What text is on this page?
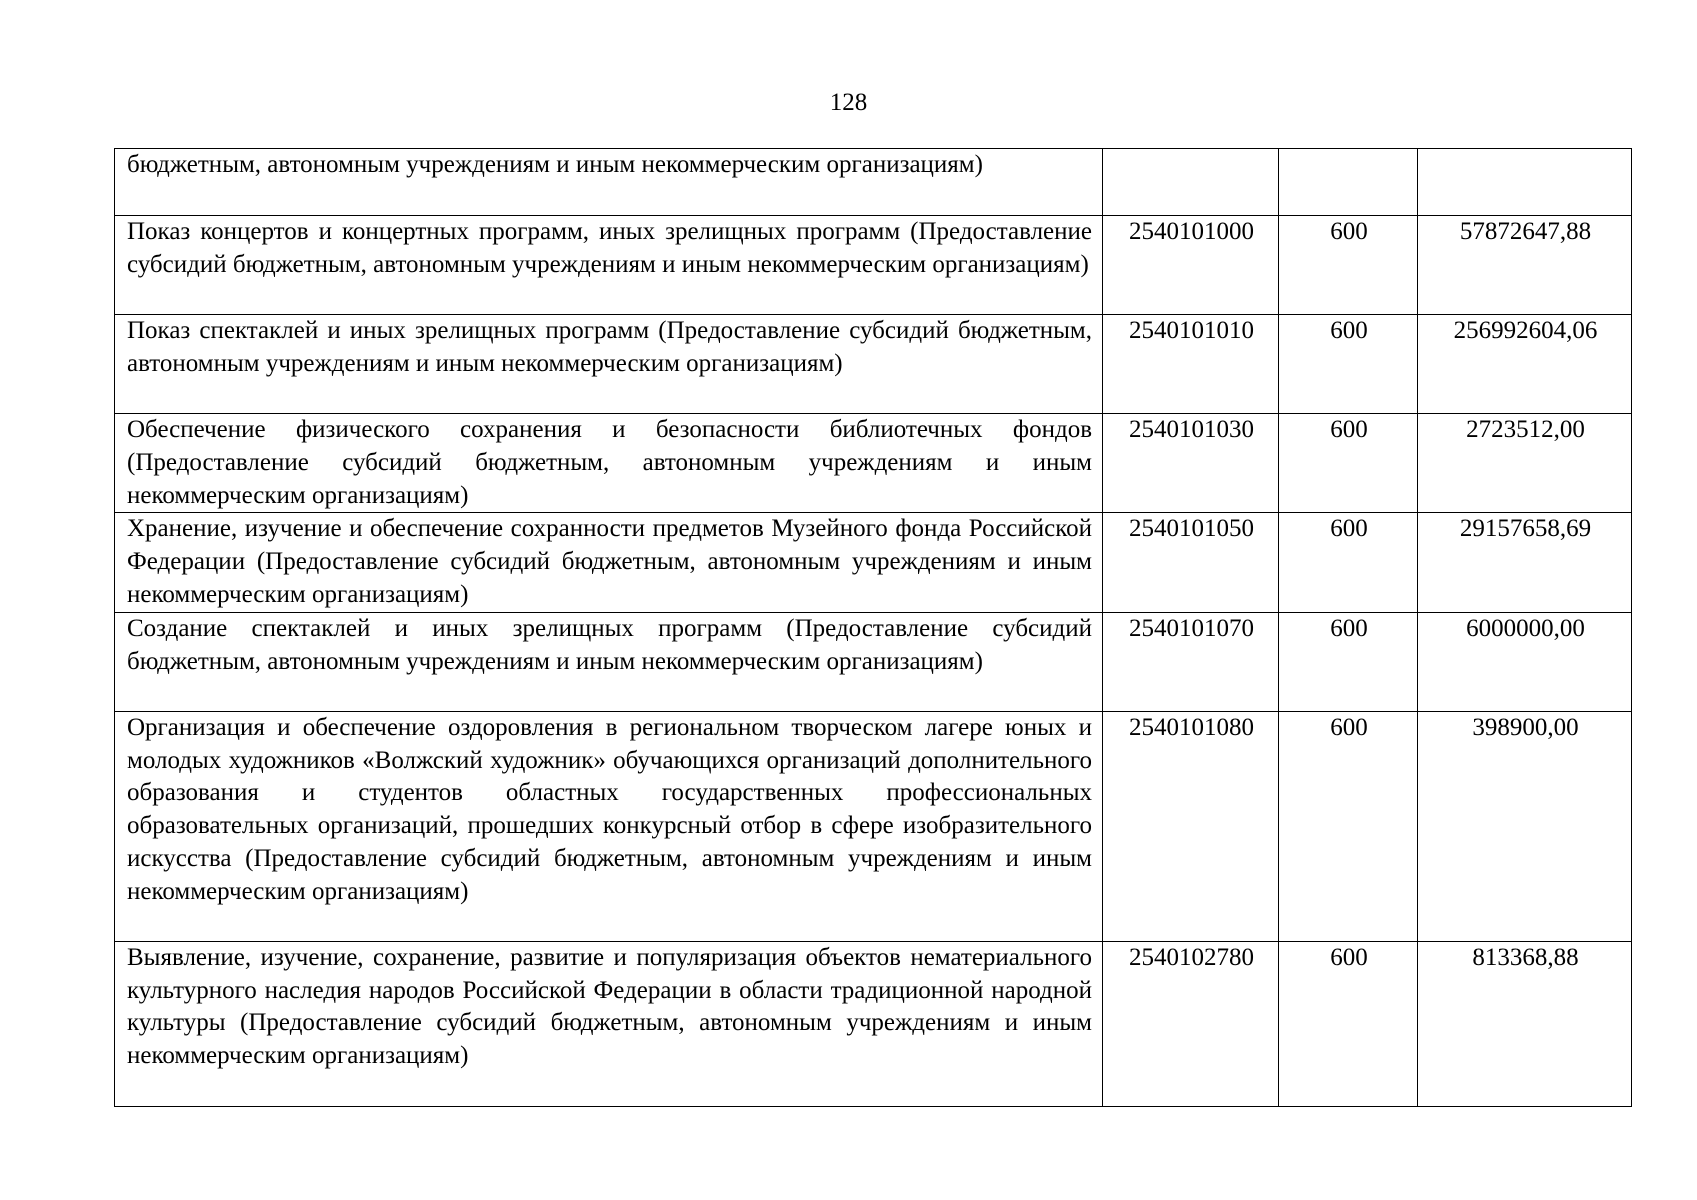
128
бюджетным, автономным учреждениям и иным некоммерческим организациям)			
Показ концертов и концертных программ, иных зрелищных программ (Предоставление субсидий бюджетным, автономным учреждениям и иным некоммерческим организациям)	2540101000	600	57872647,88
Показ спектаклей и иных зрелищных программ (Предоставление субсидий бюджетным, автономным учреждениям и иным некоммерческим организациям)	2540101010	600	256992604,06
Обеспечение физического сохранения и безопасности библиотечных фондов (Предоставление субсидий бюджетным, автономным учреждениям и иным некоммерческим организациям)	2540101030	600	2723512,00
Хранение, изучение и обеспечение сохранности предметов Музейного фонда Российской Федерации (Предоставление субсидий бюджетным, автономным учреждениям и иным некоммерческим организациям)	2540101050	600	29157658,69
Создание спектаклей и иных зрелищных программ (Предоставление субсидий бюджетным, автономным учреждениям и иным некоммерческим организациям)	2540101070	600	6000000,00
Организация и обеспечение оздоровления в региональном творческом лагере юных и молодых художников «Волжский художник» обучающихся организаций дополнительного образования и студентов областных государственных профессиональных образовательных организаций, прошедших конкурсный отбор в сфере изобразительного искусства (Предоставление субсидий бюджетным, автономным учреждениям и иным некоммерческим организациям)	2540101080	600	398900,00
Выявление, изучение, сохранение, развитие и популяризация объектов нематериального культурного наследия народов Российской Федерации в области традиционной народной культуры (Предоставление субсидий бюджетным, автономным учреждениям и иным некоммерческим организациям)	2540102780	600	813368,88
